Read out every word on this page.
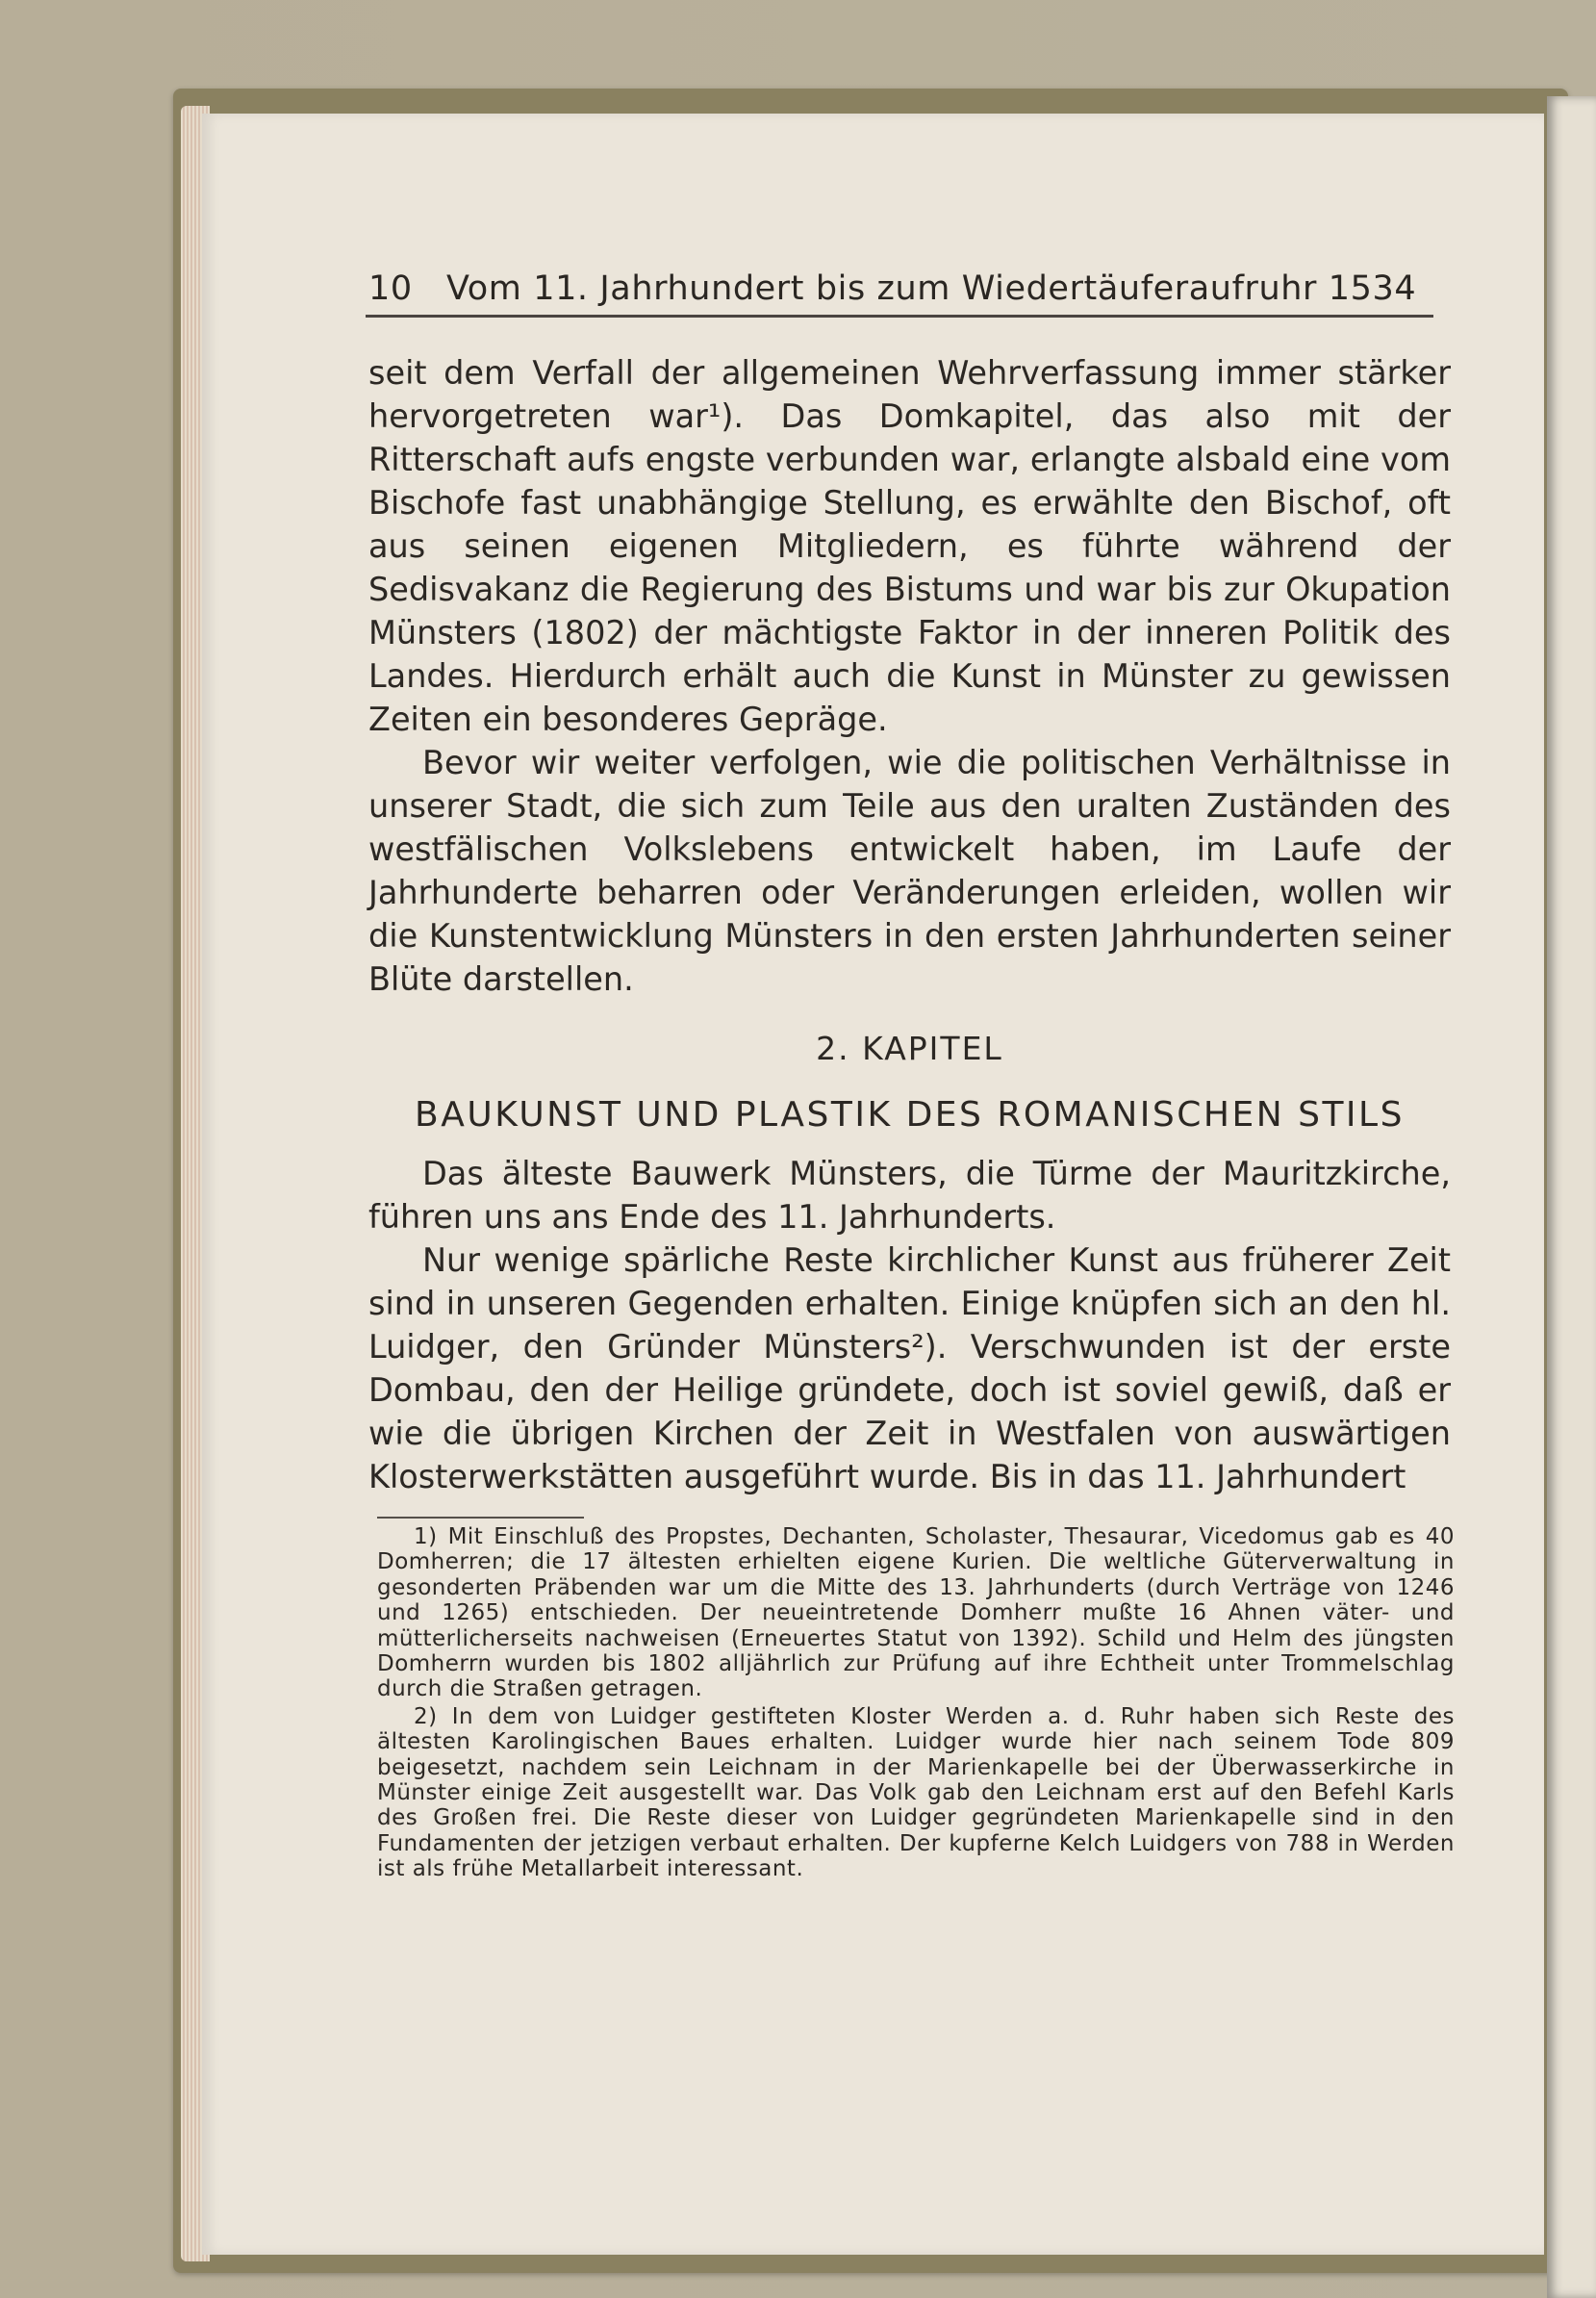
10 Vom 11. Jahrhundert bis zum Wiedertäuferaufruhr 1534

seit dem Verfall der allgemeinen Wehrverfassung immer stärker hervorgetreten war¹). Das Domkapitel, das also mit der Ritterschaft aufs engste verbunden war, erlangte alsbald eine vom Bischofe fast unabhängige Stellung, es erwählte den Bischof, oft aus seinen eigenen Mitgliedern, es führte während der Sedisvakanz die Regierung des Bistums und war bis zur Okupation Münsters (1802) der mächtigste Faktor in der inneren Politik des Landes. Hierdurch erhält auch die Kunst in Münster zu gewissen Zeiten ein besonderes Gepräge.

Bevor wir weiter verfolgen, wie die politischen Verhältnisse in unserer Stadt, die sich zum Teile aus den uralten Zuständen des westfälischen Volkslebens entwickelt haben, im Laufe der Jahrhunderte beharren oder Veränderungen erleiden, wollen wir die Kunstentwicklung Münsters in den ersten Jahrhunderten seiner Blüte darstellen.

2. KAPITEL
BAUKUNST UND PLASTIK DES ROMANISCHEN STILS

Das älteste Bauwerk Münsters, die Türme der Mauritzkirche, führen uns ans Ende des 11. Jahrhunderts.

Nur wenige spärliche Reste kirchlicher Kunst aus früherer Zeit sind in unseren Gegenden erhalten. Einige knüpfen sich an den hl. Luidger, den Gründer Münsters²). Verschwunden ist der erste Dombau, den der Heilige gründete, doch ist soviel gewiß, daß er wie die übrigen Kirchen der Zeit in Westfalen von auswärtigen Klosterwerkstätten ausgeführt wurde. Bis in das 11. Jahrhundert

1) Mit Einschluß des Propstes, Dechanten, Scholaster, Thesaurar, Vicedomus gab es 40 Domherren; die 17 ältesten erhielten eigene Kurien. Die weltliche Güterverwaltung in gesonderten Präbenden war um die Mitte des 13. Jahrhunderts (durch Verträge von 1246 und 1265) entschieden. Der neueintretende Domherr mußte 16 Ahnen väter- und mütterlicherseits nachweisen (Erneuertes Statut von 1392). Schild und Helm des jüngsten Domherrn wurden bis 1802 alljährlich zur Prüfung auf ihre Echtheit unter Trommelschlag durch die Straßen getragen.

2) In dem von Luidger gestifteten Kloster Werden a. d. Ruhr haben sich Reste des ältesten Karolingischen Baues erhalten. Luidger wurde hier nach seinem Tode 809 beigesetzt, nachdem sein Leichnam in der Marienkapelle bei der Überwasserkirche in Münster einige Zeit ausgestellt war. Das Volk gab den Leichnam erst auf den Befehl Karls des Großen frei. Die Reste dieser von Luidger gegründeten Marienkapelle sind in den Fundamenten der jetzigen verbaut erhalten. Der kupferne Kelch Luidgers von 788 in Werden ist als frühe Metallarbeit interessant.
